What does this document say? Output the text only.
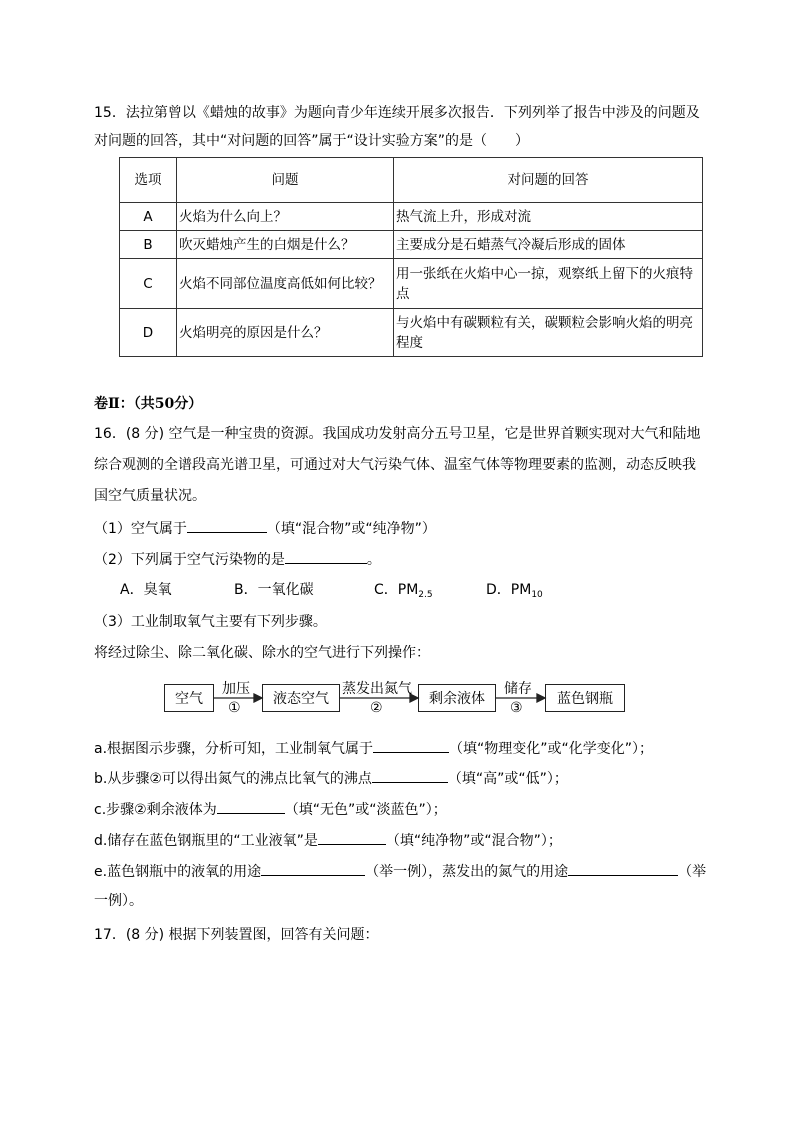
15．法拉第曾以《蜡烛的故事》为题向青少年连续开展多次报告．下列列举了报告中涉及的问题及
对问题的回答，其中“对问题的回答”属于“设计实验方案”的是（　　）
选项	问题	对问题的回答
A	火焰为什么向上？	热气流上升，形成对流
B	吹灭蜡烛产生的白烟是什么？	主要成分是石蜡蒸气冷凝后形成的固体
C	火焰不同部位温度高低如何比较？	用一张纸在火焰中心一掠，观察纸上留下的火痕特点
D	火焰明亮的原因是什么？	与火焰中有碳颗粒有关，碳颗粒会影响火焰的明亮程度
卷Ⅱ：（共50分）
16．(8 分) 空气是一种宝贵的资源。我国成功发射高分五号卫星，它是世界首颗实现对大气和陆地
综合观测的全谱段高光谱卫星，可通过对大气污染气体、温室气体等物理要素的监测，动态反映我
国空气质量状况。
（1）空气属于	（填“混合物”或“纯净物”）
（2）下列属于空气污染物的是	。
A．臭氧	B．一氧化碳	C．$PM_{2.5}$	D．$PM_{10}$
（3）工业制取氧气主要有下列步骤。
将经过除尘、除二氧化碳、除水的空气进行下列操作：
空气	液态空气	剩余液体	蓝色钢瓶
加压
①
蒸发出氮气
②
储存
③
a.根据图示步骤，分析可知，工业制氧气属于	（填“物理变化”或“化学变化”）；
b.从步骤②可以得出氮气的沸点比氧气的沸点	（填“高”或“低”）；
c.步骤②剩余液体为	（填“无色”或“淡蓝色”）；
d.储存在蓝色钢瓶里的“工业液氧”是	（填“纯净物”或“混合物”）；
e.蓝色钢瓶中的液氧的用途	（举一例），蒸发出的氮气的用途	（举
一例）。
17．(8 分) 根据下列装置图，回答有关问题：
